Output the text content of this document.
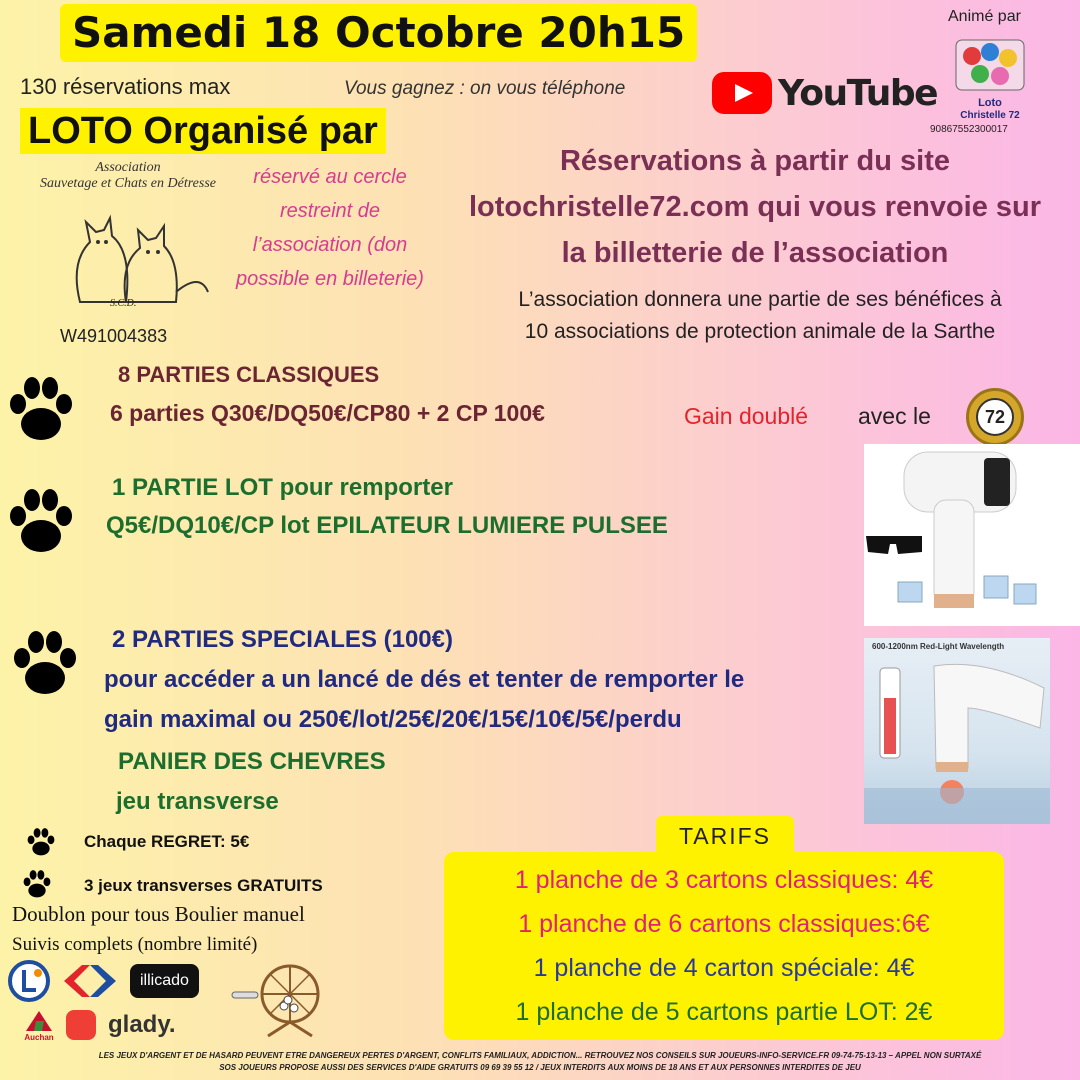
Samedi 18 Octobre 20h15	Animé par
Loto
Christelle 72
90867552300017
130 réservations max	Vous gagnez : on vous téléphone	YouTube
LOTO Organisé par
Association
Sauvetage et Chats en Détresse
S.C.D.
W491004383
réservé au cercle restreint de l’association (don possible en billeterie)
Réservations à partir du site
lotochristelle72.com qui vous renvoie sur
la billetterie de l’association
L’association donnera une partie de ses bénéfices à
10 associations de protection animale de la Sarthe
8 PARTIES CLASSIQUES
6 parties Q30€/DQ50€/CP80 + 2 CP 100€	Gain doublé avec le	72
1 PARTIE LOT pour remporter
Q5€/DQ10€/CP lot EPILATEUR LUMIERE PULSEE
2 PARTIES SPECIALES (100€)
pour accéder a un lancé de dés et tenter de remporter le
gain maximal ou 250€/lot/25€/20€/15€/10€/5€/perdu
600-1200nm Red-Light Wavelength
PANIER DES CHEVRES
jeu transverse
Chaque REGRET: 5€
3 jeux transverses GRATUITS
Doublon pour tous Boulier manuel
Suivis complets (nombre limité)
1 planche de 3 cartons classiques: 4€
1 planche de 6 cartons classiques:6€
1 planche de 4 carton spéciale: 4€
1 planche de 5 cartons partie LOT: 2€
TARIFS
illicado
Auchan glady.
LES JEUX D'ARGENT ET DE HASARD PEUVENT ETRE DANGEREUX PERTES D'ARGENT, CONFLITS FAMILIAUX, ADDICTION... RETROUVEZ NOS CONSEILS SUR JOUEURS-INFO-SERVICE.FR 09-74-75-13-13 – APPEL NON SURTAXÉ
SOS JOUEURS PROPOSE AUSSI DES SERVICES D'AIDE GRATUITS 09 69 39 55 12 / JEUX INTERDITS AUX MOINS DE 18 ANS ET AUX PERSONNES INTERDITES DE JEU
